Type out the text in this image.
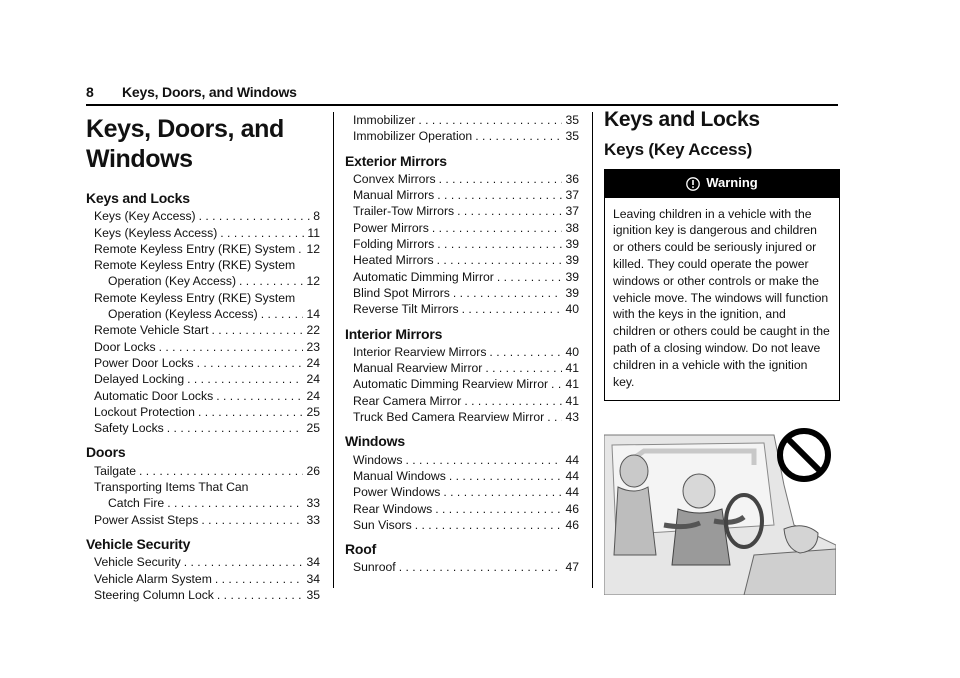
8 Keys, Doors, and Windows
Keys, Doors, and Windows
Keys and Locks
Keys (Key Access) . . .	8
Keys (Keyless Access) . . .	11
Remote Keyless Entry (RKE) System . . . 12
Remote Keyless Entry (RKE) System
Operation (Key Access) . . .	12
Remote Keyless Entry (RKE) System
Operation (Keyless Access) . . .	14
Remote Vehicle Start . . .	22
Door Locks . . .	23
Power Door Locks . . .	24
Delayed Locking . . .	24
Automatic Door Locks . . .	24
Lockout Protection . . .	25
Safety Locks . . .	25
Doors
Tailgate . . .	26
Transporting Items That Can
Catch Fire . . .	33
Power Assist Steps . . .	33
Vehicle Security
Vehicle Security . . .	34
Vehicle Alarm System . . .	34
Steering Column Lock . . .	35
Immobilizer . . .	35
Immobilizer Operation . . .	35
Exterior Mirrors
Convex Mirrors . . .	36
Manual Mirrors . . .	37
Trailer-Tow Mirrors . . .	37
Power Mirrors . . .	38
Folding Mirrors . . .	39
Heated Mirrors . . .	39
Automatic Dimming Mirror . . .	39
Blind Spot Mirrors . . .	39
Reverse Tilt Mirrors . . .	40
Interior Mirrors
Interior Rearview Mirrors . . .	40
Manual Rearview Mirror . . .	41
Automatic Dimming Rearview Mirror . . . 41
Rear Camera Mirror . . .	41
Truck Bed Camera Rearview Mirror . . . 43
Windows
Windows . . .	44
Manual Windows . . .	44
Power Windows . . .	44
Rear Windows . . .	46
Sun Visors . . .	46
Roof
Sunroof . . .	47
Keys and Locks
Keys (Key Access)
Warning
Leaving children in a vehicle with the ignition key is dangerous and children or others could be seriously injured or killed. They could operate the power windows or other controls or make the vehicle move. The windows will function with the keys in the ignition, and children or others could be caught in the path of a closing window. Do not leave children in a vehicle with the ignition key.
